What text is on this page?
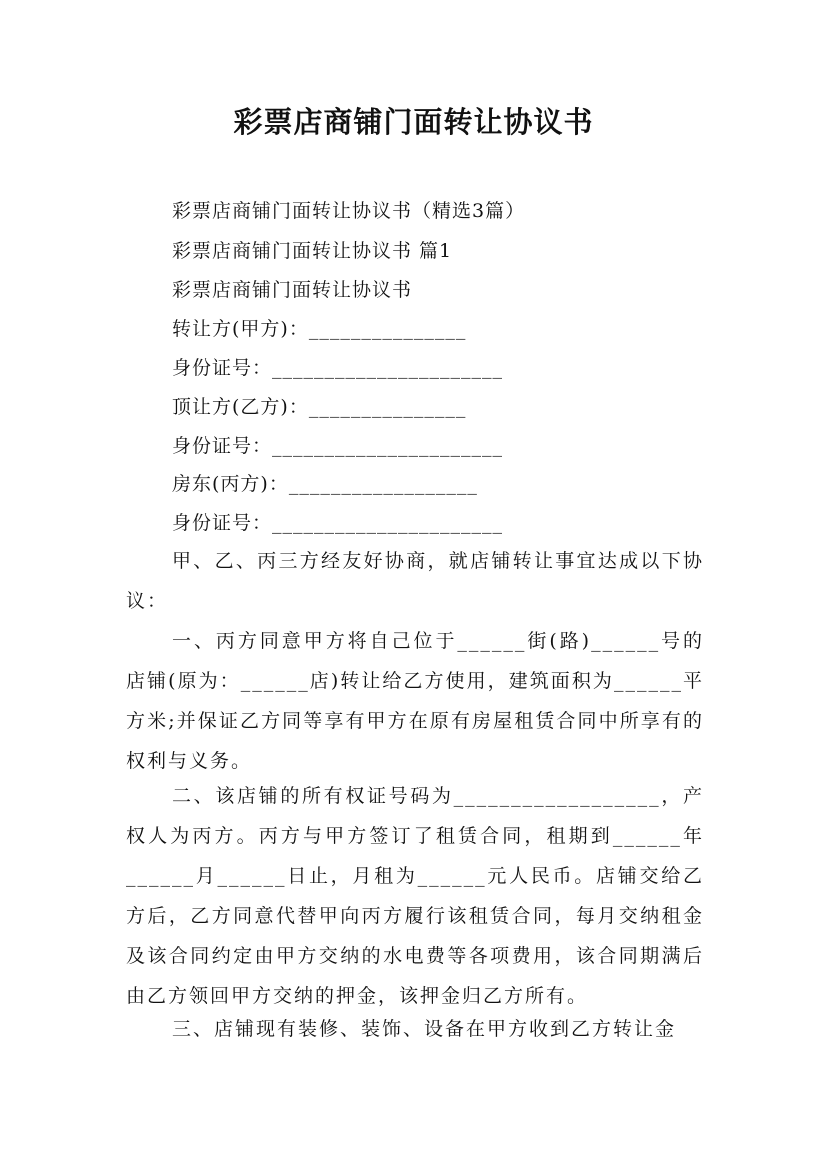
彩票店商铺门面转让协议书
彩票店商铺门面转让协议书（精选3篇）
彩票店商铺门面转让协议书 篇1
彩票店商铺门面转让协议书
转让方(甲方)：_______________
身份证号：______________________
顶让方(乙方)：_______________
身份证号：______________________
房东(丙方)：__________________
身份证号：______________________
甲、乙、丙三方经友好协商，就店铺转让事宜达成以下协议：
一、丙方同意甲方将自己位于______街(路)______号的店铺(原为：______店)转让给乙方使用，建筑面积为______平方米;并保证乙方同等享有甲方在原有房屋租赁合同中所享有的权利与义务。
二、该店铺的所有权证号码为__________________，产权人为丙方。丙方与甲方签订了租赁合同，租期到______年______月______日止，月租为______元人民币。店铺交给乙方后，乙方同意代替甲向丙方履行该租赁合同，每月交纳租金及该合同约定由甲方交纳的水电费等各项费用，该合同期满后由乙方领回甲方交纳的押金，该押金归乙方所有。
三、店铺现有装修、装饰、设备在甲方收到乙方转让金
